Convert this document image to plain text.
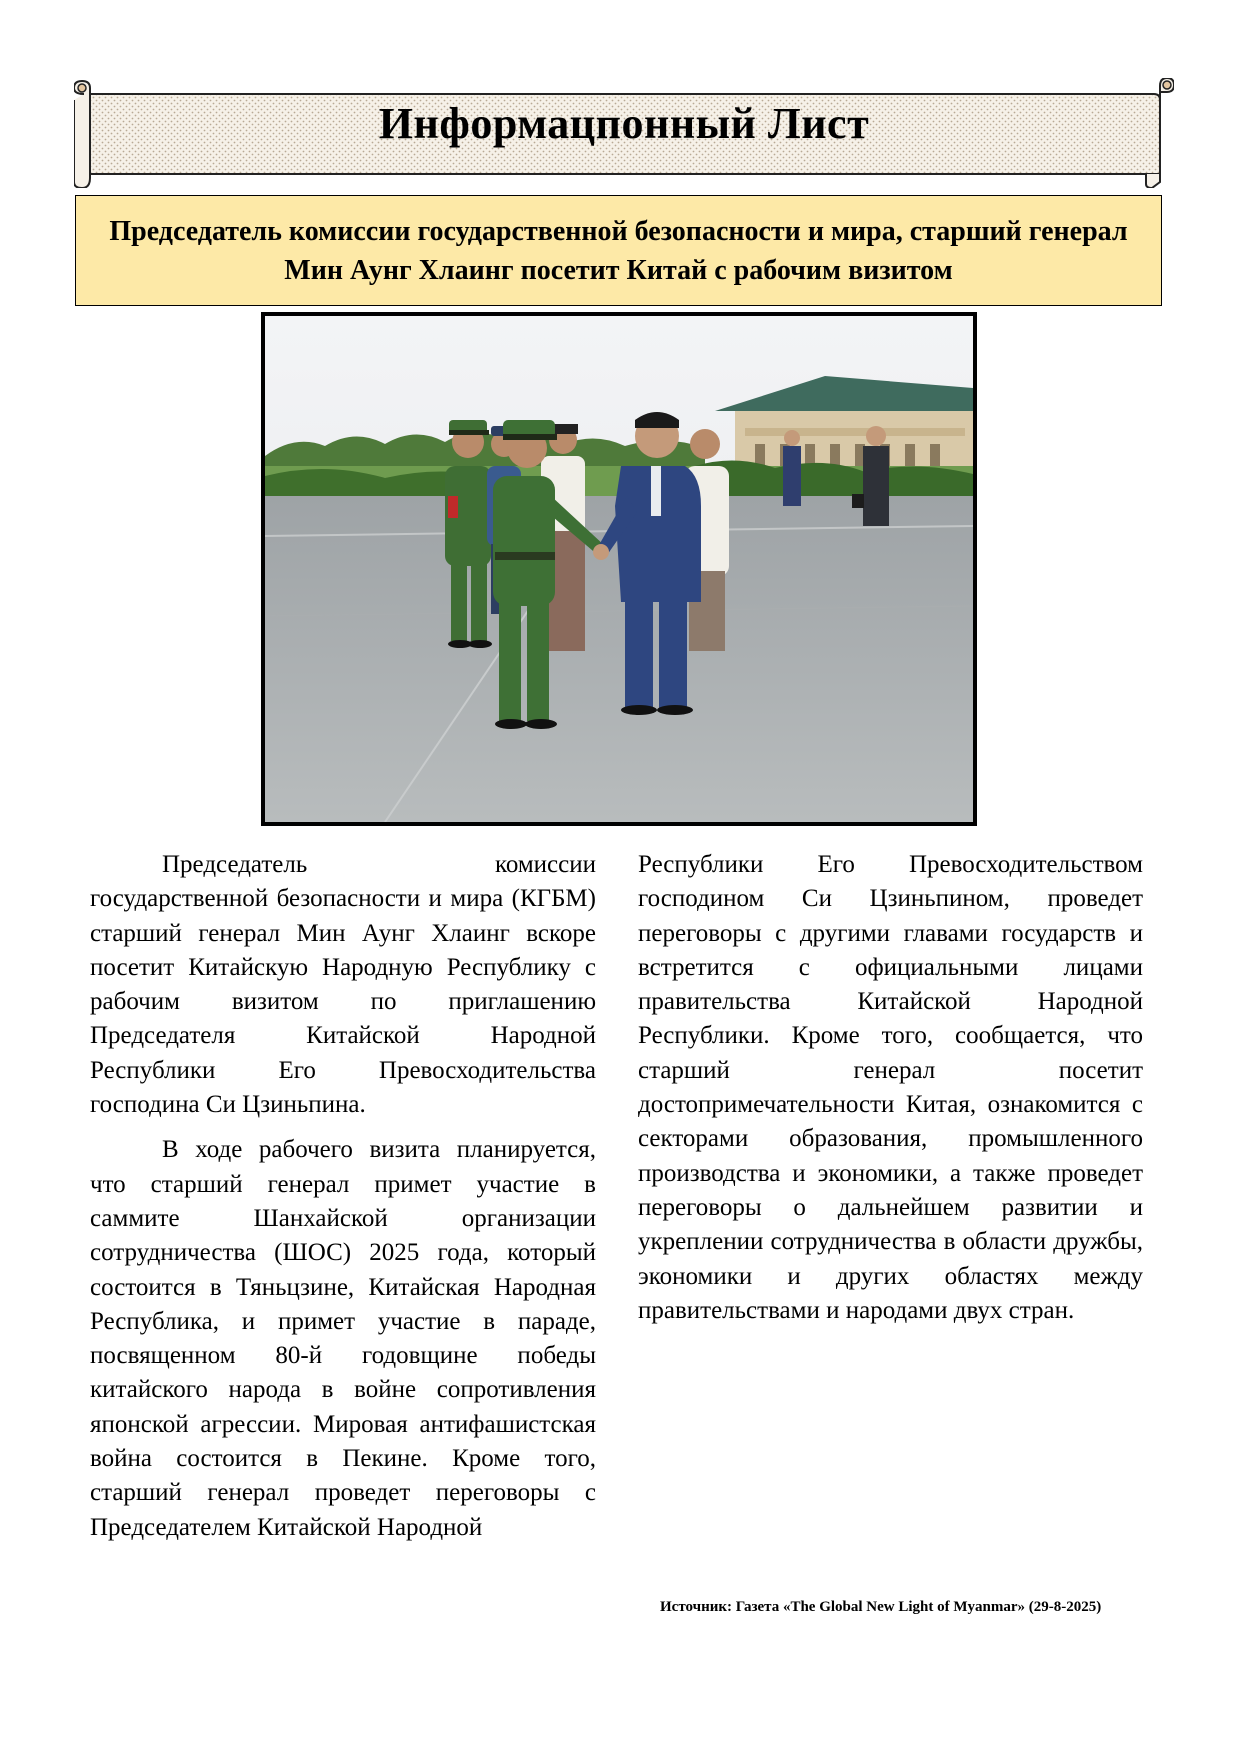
Информацпонный Лист
Председатель комиссии государственной безопасности и мира, старший генерал Мин Аунг Хлаинг посетит Китай с рабочим визитом

Председатель комиссии государственной безопасности и мира (КГБМ) старший генерал Мин Аунг Хлаинг вскоре посетит Китайскую Народную Республику с рабочим визитом по приглашению Председателя Китайской Народной Республики Его Превосходительства господина Си Цзиньпина.

В ходе рабочего визита планируется, что старший генерал примет участие в саммите Шанхайской организации сотрудничества (ШОС) 2025 года, который состоится в Тяньцзине, Китайская Народная Республика, и примет участие в параде, посвященном 80-й годовщине победы китайского народа в войне сопротивления японской агрессии. Мировая антифашистская война состоится в Пекине. Кроме того, старший генерал проведет переговоры с Председателем Китайской Народной

Республики Его Превосходительством господином Си Цзиньпином, проведет переговоры с другими главами государств и встретится с официальными лицами правительства Китайской Народной Республики. Кроме того, сообщается, что старший генерал посетит достопримечательности Китая, ознакомится с секторами образования, промышленного производства и экономики, а также проведет переговоры о дальнейшем развитии и укреплении сотрудничества в области дружбы, экономики и других областях между правительствами и народами двух стран.

Источник: Газета «The Global New Light of Myanmar» (29-8-2025)
